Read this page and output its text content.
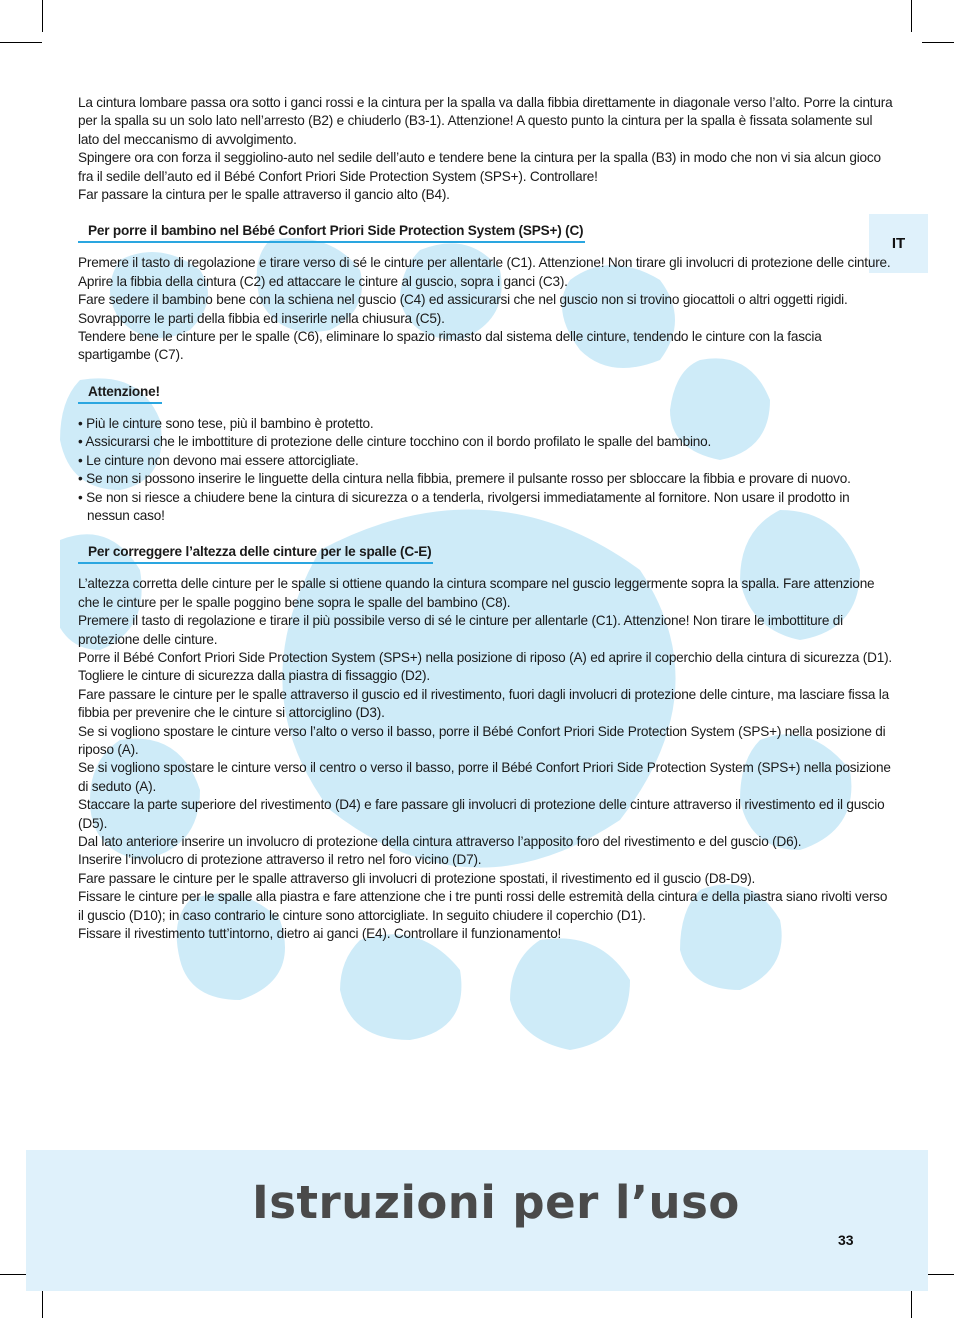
IT

La cintura lombare passa ora sotto i ganci rossi e la cintura per la spalla va dalla fibbia direttamente in diagonale verso l’alto. Porre la cintura per la spalla su un solo lato nell’arresto (B2) e chiuderlo (B3-1). Attenzione! A questo punto la cintura per la spalla è fissata solamente sul lato del meccanismo di avvolgimento.

Spingere ora con forza il seggiolino-auto nel sedile dell’auto e tendere bene la cintura per la spalla (B3) in modo che non vi sia alcun gioco fra il sedile dell’auto ed il Bébé Confort Priori Side Protection System (SPS+). Controllare!

Far passare la cintura per le spalle attraverso il gancio alto (B4).

Per porre il bambino nel Bébé Confort Priori Side Protection System (SPS+) (C)

Premere il tasto di regolazione e tirare verso di sé le cinture per allentarle (C1). Attenzione! Non tirare gli involucri di protezione delle cinture.

Aprire la fibbia della cintura (C2) ed attaccare le cinture al guscio, sopra i ganci (C3).

Fare sedere il bambino bene con la schiena nel guscio (C4) ed assicurarsi che nel guscio non si trovino giocattoli o altri oggetti rigidi.

Sovrapporre le parti della fibbia ed inserirle nella chiusura (C5).

Tendere bene le cinture per le spalle (C6), eliminare lo spazio rimasto dal sistema delle cinture, tendendo le cinture con la fascia spartigambe (C7).

Attenzione!

• Più le cinture sono tese, più il bambino è protetto.

• Assicurarsi che le imbottiture di protezione delle cinture tocchino con il bordo profilato le spalle del bambino.

• Le cinture non devono mai essere attorcigliate.

• Se non si possono inserire le linguette della cintura nella fibbia, premere il pulsante rosso per sbloccare la fibbia e provare di nuovo.

• Se non si riesce a chiudere bene la cintura di sicurezza o a tenderla, rivolgersi immediatamente al fornitore. Non usare il prodotto in nessun caso!

Per correggere l’altezza delle cinture per le spalle (C-E)

L’altezza corretta delle cinture per le spalle si ottiene quando la cintura scompare nel guscio leggermente sopra la spalla. Fare attenzione che le cinture per le spalle poggino bene sopra le spalle del bambino (C8).

Premere il tasto di regolazione e tirare il più possibile verso di sé le cinture per allentarle (C1). Attenzione! Non tirare le imbottiture di protezione delle cinture.

Porre il Bébé Confort Priori Side Protection System (SPS+) nella posizione di riposo (A) ed aprire il coperchio della cintura di sicurezza (D1).

Togliere le cinture di sicurezza dalla piastra di fissaggio (D2).

Fare passare le cinture per le spalle attraverso il guscio ed il rivestimento, fuori dagli involucri di protezione delle cinture, ma lasciare fissa la fibbia per prevenire che le cinture si attorciglino (D3).

Se si vogliono spostare le cinture verso l’alto o verso il basso, porre il Bébé Confort Priori Side Protection System (SPS+) nella posizione di riposo (A).

Se si vogliono spostare le cinture verso il centro o verso il basso, porre il Bébé Confort Priori Side Protection System (SPS+) nella posizione di seduto (A).

Staccare la parte superiore del rivestimento (D4) e fare passare gli involucri di protezione delle cinture attraverso il rivestimento ed il guscio (D5).

Dal lato anteriore inserire un involucro di protezione della cintura attraverso l’apposito foro del rivestimento e del guscio (D6).

Inserire l’involucro di protezione attraverso il retro nel foro vicino (D7).

Fare passare le cinture per le spalle attraverso gli involucri di protezione spostati, il rivestimento ed il guscio (D8-D9).

Fissare le cinture per le spalle alla piastra e fare attenzione che i tre punti rossi delle estremità della cintura e della piastra siano rivolti verso il guscio (D10); in caso contrario le cinture sono attorcigliate. In seguito chiudere il coperchio (D1).

Fissare il rivestimento tutt’intorno, dietro ai ganci (E4). Controllare il funzionamento!

Istruzioni per l’uso
33
